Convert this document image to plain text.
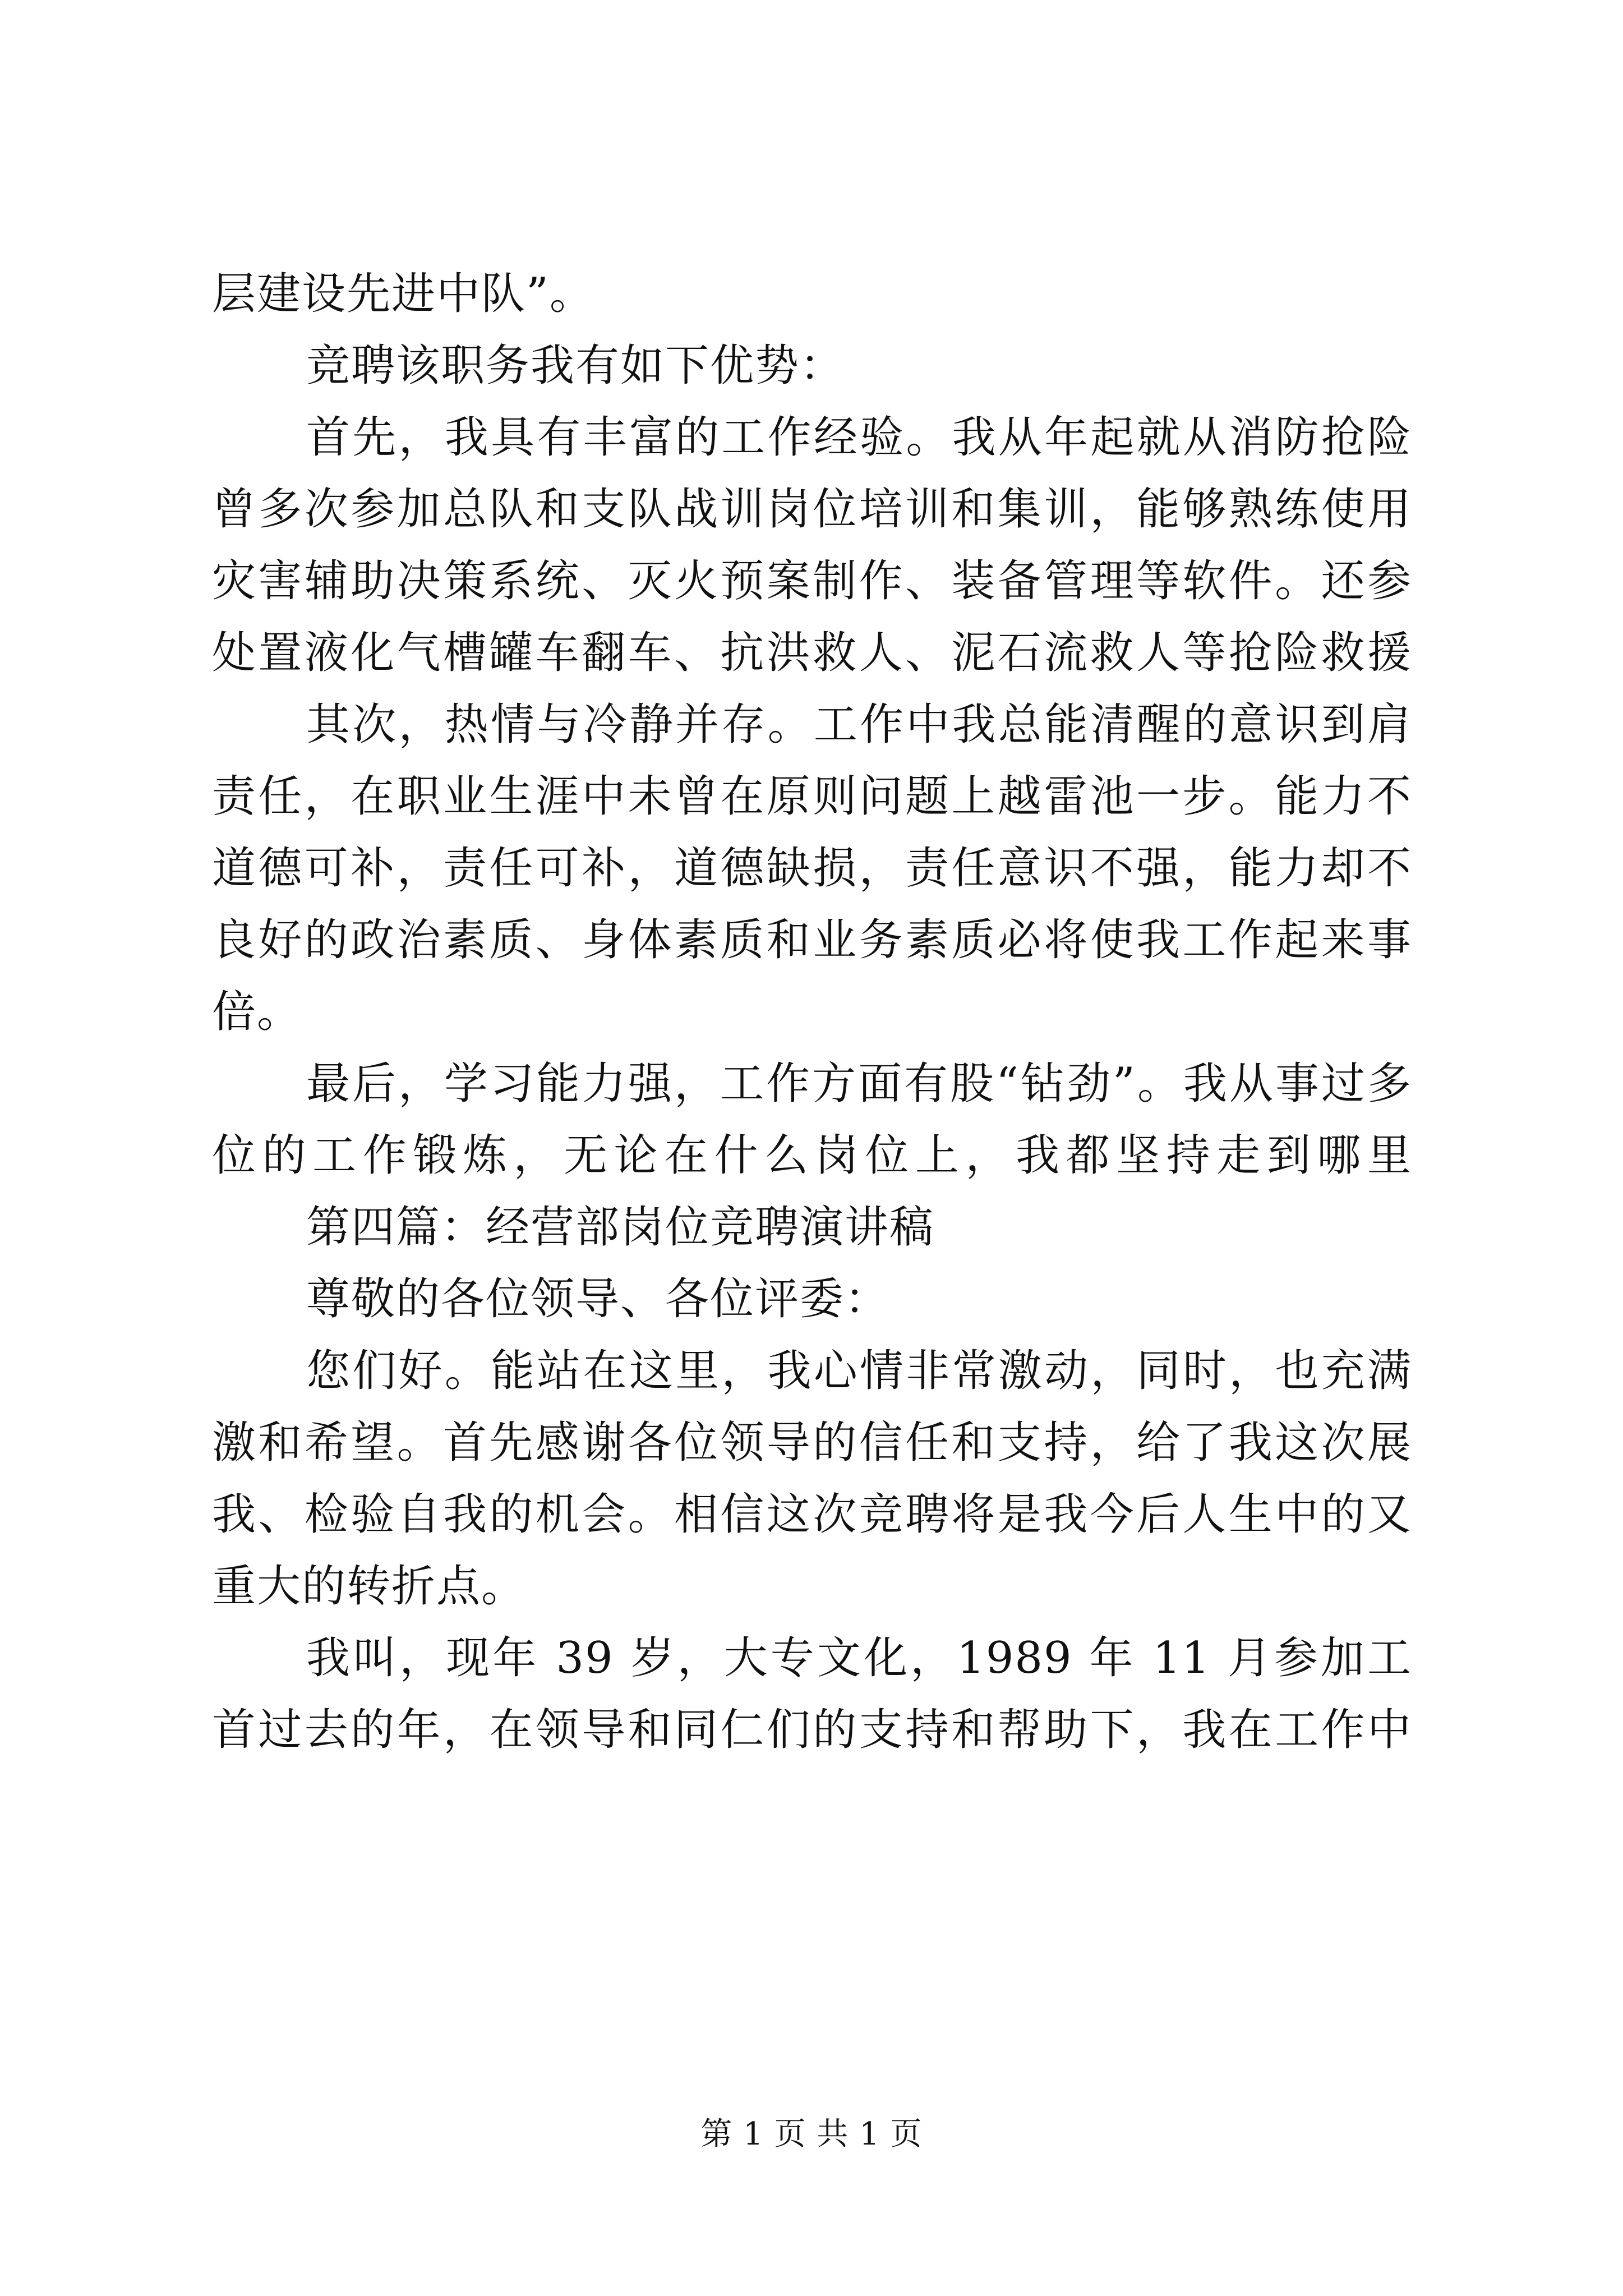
层建设先进中队”。
竞聘该职务我有如下优势：
首先，我具有丰富的工作经验。我从年起就从消防抢险
曾多次参加总队和支队战训岗位培训和集训，能够熟练使用
灾害辅助决策系统、灭火预案制作、装备管理等软件。还参
处置液化气槽罐车翻车、抗洪救人、泥石流救人等抢险救援
其次，热情与冷静并存。工作中我总能清醒的意识到肩
责任，在职业生涯中未曾在原则问题上越雷池一步。能力不
道德可补，责任可补，道德缺损，责任意识不强，能力却不
良好的政治素质、身体素质和业务素质必将使我工作起来事
倍。
最后，学习能力强，工作方面有股“钻劲”。我从事过多
位的工作锻炼，无论在什么岗位上，我都坚持走到哪里
第四篇：经营部岗位竞聘演讲稿
尊敬的各位领导、各位评委：
您们好。能站在这里，我心情非常激动，同时，也充满
激和希望。首先感谢各位领导的信任和支持，给了我这次展
我、检验自我的机会。相信这次竞聘将是我今后人生中的又
重大的转折点。
我叫，现年 39 岁，大专文化，1989 年 11 月参加工
首过去的年，在领导和同仁们的支持和帮助下，我在工作中
第 1 页 共 1 页
